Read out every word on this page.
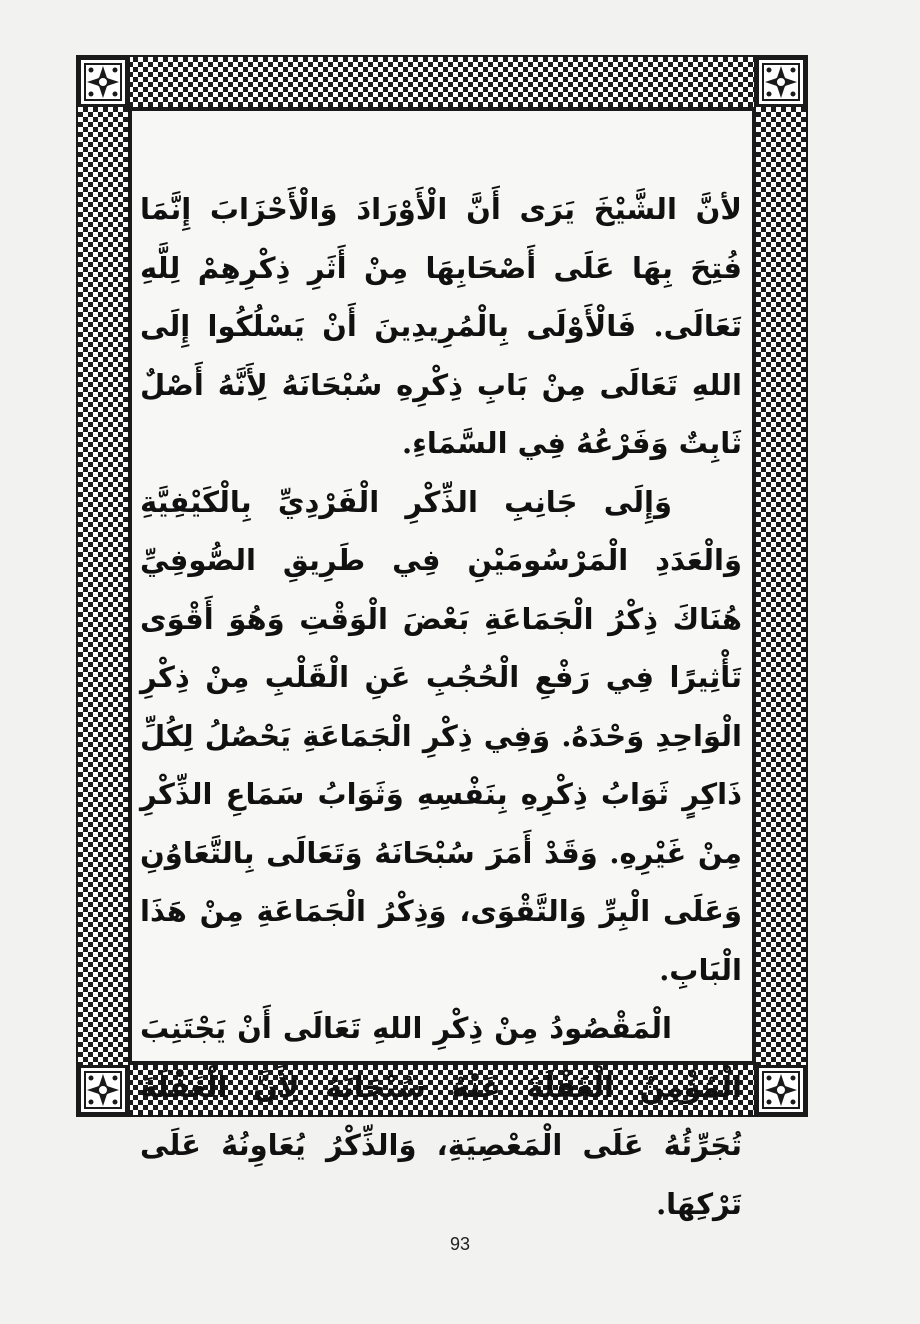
لأنَّ الشَّيْخَ يَرَى أَنَّ الْأَوْرَادَ وَالْأَحْزَابَ إِنَّمَا فُتِحَ بِهَا عَلَى أَصْحَابِهَا مِنْ أَثَرِ ذِكْرِهِمْ لِلَّهِ تَعَالَى. فَالْأَوْلَى بِالْمُرِيدِينَ أَنْ يَسْلُكُوا إِلَى اللهِ تَعَالَى مِنْ بَابِ ذِكْرِهِ سُبْحَانَهُ لِأَنَّهُ أَصْلٌ ثَابِتٌ وَفَرْعُهُ فِي السَّمَاءِ.

وَإِلَى جَانِبِ الذِّكْرِ الْفَرْدِيِّ بِالْكَيْفِيَّةِ وَالْعَدَدِ الْمَرْسُومَيْنِ فِي طَرِيقِ الصُّوفِيِّ هُنَاكَ ذِكْرُ الْجَمَاعَةِ بَعْضَ الْوَقْتِ وَهُوَ أَقْوَى تَأْثِيرًا فِي رَفْعِ الْحُجُبِ عَنِ الْقَلْبِ مِنْ ذِكْرِ الْوَاحِدِ وَحْدَهُ. وَفِي ذِكْرِ الْجَمَاعَةِ يَحْصُلُ لِكُلِّ ذَاكِرٍ ثَوَابُ ذِكْرِهِ بِنَفْسِهِ وَثَوَابُ سَمَاعِ الذِّكْرِ مِنْ غَيْرِهِ. وَقَدْ أَمَرَ سُبْحَانَهُ وَتَعَالَى بِالتَّعَاوُنِ وَعَلَى الْبِرِّ وَالتَّقْوَى، وَذِكْرُ الْجَمَاعَةِ مِنْ هَذَا الْبَابِ.

الْمَقْصُودُ مِنْ ذِكْرِ اللهِ تَعَالَى أَنْ يَجْتَنِبَ الْمُؤْمِنُ الْغَفْلَةَ عَنْهُ سُبْحَانَهُ لِأَنَّ الْغَفْلَةَ تُجَرِّئُهُ عَلَى الْمَعْصِيَةِ، وَالذِّكْرُ يُعَاوِنُهُ عَلَى تَرْكِهَا.

93
